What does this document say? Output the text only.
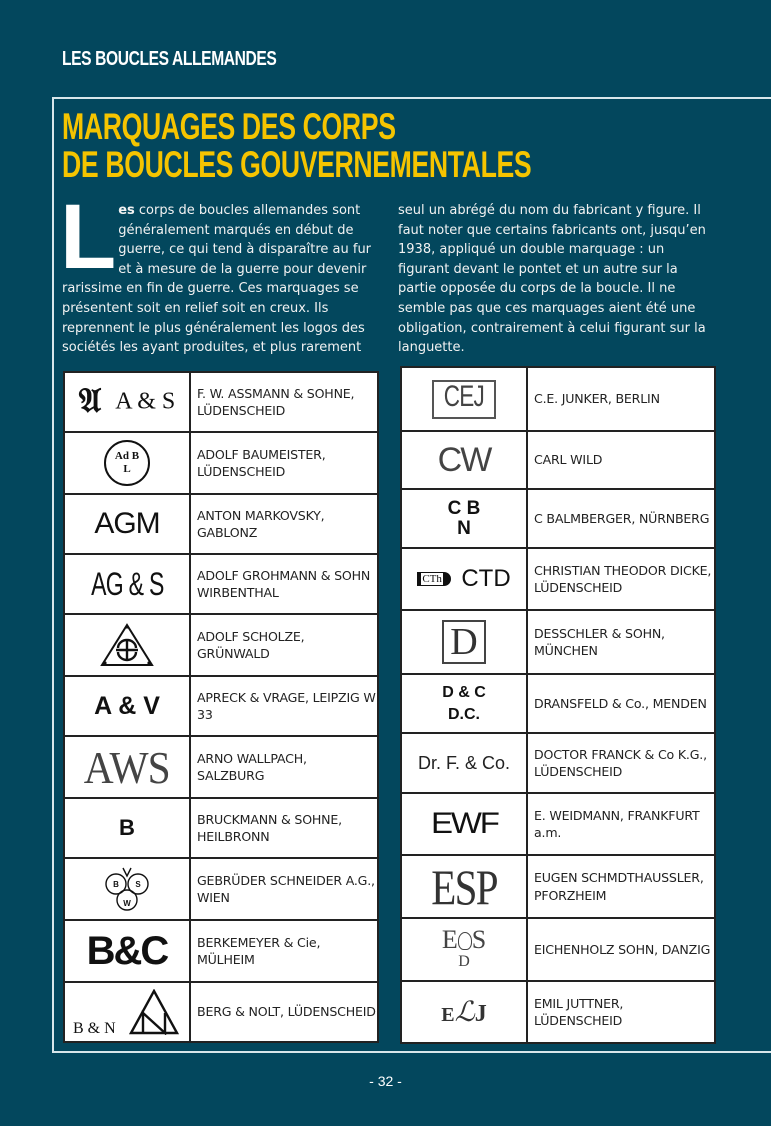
LES BOUCLES ALLEMANDES
MARQUAGES DES CORPS
DE BOUCLES GOUVERNEMENTALES

Les corps de boucles allemandes sont généralement marqués en début de guerre, ce qui tend à disparaître au fur et à mesure de la guerre pour devenir rarissime en fin de guerre. Ces marquages se présentent soit en relief soit en creux. Ils reprennent le plus généralement les logos des sociétés les ayant produites, et plus rarement

seul un abrégé du nom du fabricant y figure. Il faut noter que certains fabricants ont, jusqu’en 1938, appliqué un double marquage : un figurant devant le pontet et un autre sur la partie opposée du corps de la boucle. Il ne semble pas que ces marquages aient été une obligation, contrairement à celui figurant sur la languette.

𝔄 A & S	F. W. ASSMANN & SOHNE, LÜDENSCHEID

Ad B
L	ADOLF BAUMEISTER, LÜDENSCHEID
AGM	ANTON MARKOVSKY, GABLONZ
AG & S	ADOLF GROHMANN & SOHN WIRBENTHAL

	ADOLF SCHOLZE, GRÜNWALD
A & V	APRECK & VRAGE, LEIPZIG W 33
AWS	ARNO WALLPACH, SALZBURG
B	BRUCKMANN & SOHNE, HEILBRONN

B S
W	GEBRÜDER SCHNEIDER A.G., WIEN
B&C	BERKEMEYER & Cie, MÜLHEIM

B & N	BERG & NOLT, LÜDENSCHEID
CEJ	C.E. JUNKER, BERLIN
CW	CARL WILD

C B
N	C BALMBERGER, NÜRNBERG
CTh CTD	CHRISTIAN THEODOR DICKE, LÜDENSCHEID
D	DESSCHLER & SOHN, MÜNCHEN

D & C
D.C.	DRANSFELD & Co., MENDEN
Dr. F. & Co.	DOCTOR FRANCK & Co K.G., LÜDENSCHEID
EWF	E. WEIDMANN, FRANKFURT a.m.
ESP	EUGEN SCHMDTHAUSSLER, PFORZHEIM
E S
D	EICHENHOLZ SOHN, DANZIG
EℒJ	EMIL JUTTNER, LÜDENSCHEID
- 32 -
